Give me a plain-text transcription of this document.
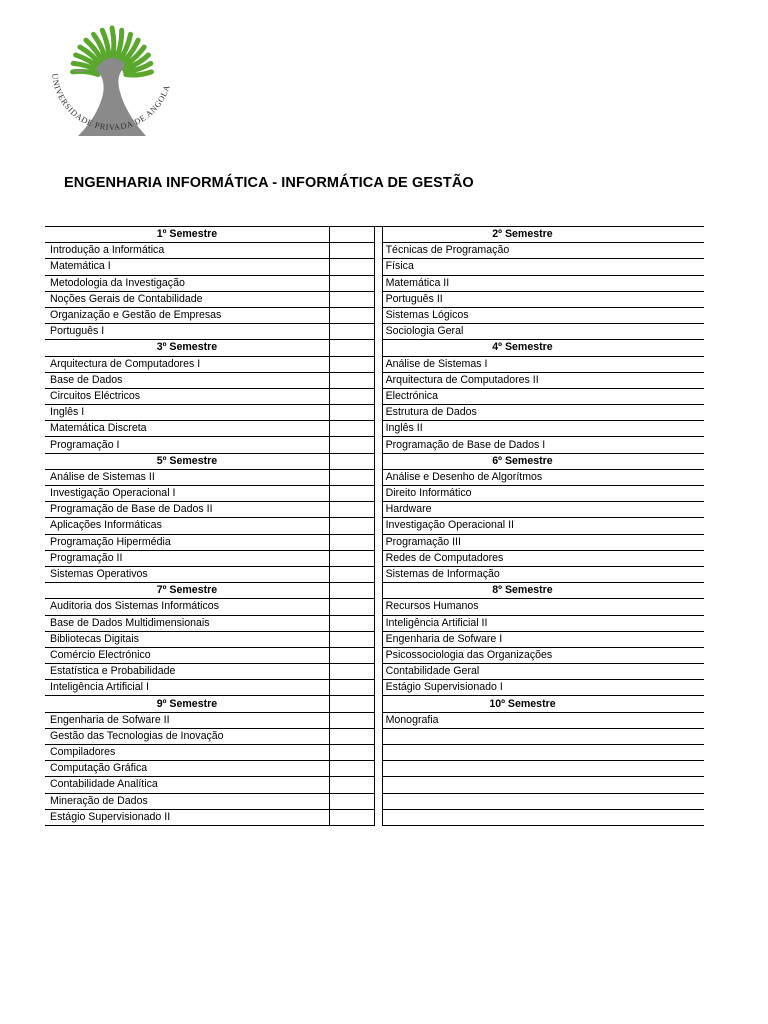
UNIVERSIDADE PRIVADA DE ANGOLA
ENGENHARIA INFORMÁTICA - INFORMÁTICA DE GESTÃO
1º Semestre			2º Semestre	
Introdução a Informática			Técnicas de Programação	
Matemática I			Física	
Metodologia da Investigação			Matemática II	
Noções Gerais de Contabilidade			Português II	
Organização e Gestão de Empresas			Sistemas Lógicos	
Português I			Sociologia Geral	
3º Semestre			4º Semestre	
Arquitectura de Computadores I			Análise de Sistemas I	
Base de Dados			Arquitectura de Computadores II	
Circuitos Eléctricos			Electrónica	
Inglês I			Estrutura de Dados	
Matemática Discreta			Inglês II	
Programação I			Programação de Base de Dados I	
5º Semestre			6º Semestre	
Análise de Sistemas II			Análise e Desenho de Algorítmos	
Investigação Operacional I			Direito Informático	
Programação de Base de Dados II			Hardware	
Aplicações Informáticas			Investigação Operacional II	
Programação Hipermédia			Programação III	
Programação II			Redes de Computadores	
Sistemas Operativos			Sistemas de Informação	
7º Semestre			8º Semestre	
Auditoria dos Sistemas Informáticos			Recursos Humanos	
Base de Dados Multidimensionais			Inteligência Artificial II	
Bibliotecas Digitais			Engenharia de Sofware I	
Comércio Electrónico			Psicossociologia das Organizações	
Estatística e Probabilidade			Contabilidade Geral	
Inteligência Artificial I			Estágio Supervisionado I	
9º Semestre			10º Semestre	
Engenharia de Sofware II			Monografia	
Gestão das Tecnologias de Inovação				
Compiladores				
Computação Gráfica				
Contabilidade Analítica				
Mineração de Dados				
Estágio Supervisionado II				
